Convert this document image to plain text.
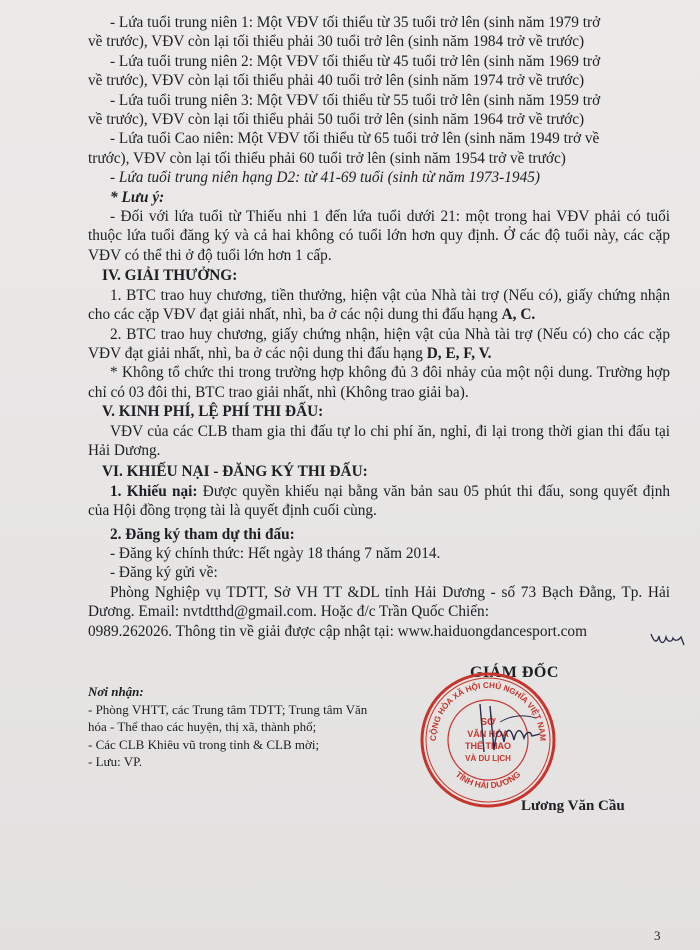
- Lứa tuổi trung niên 1: Một VĐV tối thiểu từ 35 tuổi trở lên (sinh năm 1979 trở
về trước), VĐV còn lại tối thiểu phải 30 tuổi trở lên (sinh năm 1984 trở về trước)

- Lứa tuổi trung niên 2: Một VĐV tối thiểu từ 45 tuổi trở lên (sinh năm 1969 trở
về trước), VĐV còn lại tối thiểu phải 40 tuổi trở lên (sinh năm 1974 trở về trước)

- Lứa tuổi trung niên 3: Một VĐV tối thiểu từ 55 tuổi trở lên (sinh năm 1959 trở
về trước), VĐV còn lại tối thiểu phải 50 tuổi trở lên (sinh năm 1964 trở về trước)

- Lứa tuổi Cao niên: Một VĐV tối thiểu từ 65 tuổi trở lên (sinh năm 1949 trở về
trước), VĐV còn lại tối thiểu phải 60 tuổi trở lên (sinh năm 1954 trở về trước)

- Lứa tuổi trung niên hạng D2: từ 41-69 tuổi (sinh từ năm 1973-1945)

* Lưu ý:

- Đối với lứa tuổi từ Thiếu nhi 1 đến lứa tuổi dưới 21: một trong hai VĐV phải có tuổi thuộc lứa tuổi đăng ký và cả hai không có tuổi lớn hơn quy định. Ở các độ tuổi này, các cặp VĐV có thể thi ở độ tuổi lớn hơn 1 cấp.

IV. GIẢI THƯỞNG:

1. BTC trao huy chương, tiền thưởng, hiện vật của Nhà tài trợ (Nếu có), giấy chứng nhận cho các cặp VĐV đạt giải nhất, nhì, ba ở các nội dung thi đấu hạng A, C.

2. BTC trao huy chương, giấy chứng nhận, hiện vật của Nhà tài trợ (Nếu có) cho các cặp VĐV đạt giải nhất, nhì, ba ở các nội dung thi đấu hạng D, E, F, V.

* Không tổ chức thi trong trường hợp không đủ 3 đôi nhảy của một nội dung. Trường hợp chỉ có 03 đôi thi, BTC trao giải nhất, nhì (Không trao giải ba).

V. KINH PHÍ, LỆ PHÍ THI ĐẤU:

VĐV của các CLB tham gia thi đấu tự lo chi phí ăn, nghỉ, đi lại trong thời gian thi đấu tại Hải Dương.

VI. KHIẾU NẠI - ĐĂNG KÝ THI ĐẤU:

1. Khiếu nại: Được quyền khiếu nại bằng văn bản sau 05 phút thi đấu, song quyết định của Hội đồng trọng tài là quyết định cuối cùng.

2. Đăng ký tham dự thi đấu:

- Đăng ký chính thức: Hết ngày 18 tháng 7 năm 2014.

- Đăng ký gửi về:

Phòng Nghiệp vụ TDTT, Sở VH TT &DL tỉnh Hải Dương - số 73 Bạch Đằng, Tp. Hải Dương. Email: nvtdtthd@gmail.com. Hoặc đ/c Trần Quốc Chiến:

0989.262026. Thông tin về giải được cập nhật tại: www.haiduongdancesport.com

Nơi nhận:

- Phòng VHTT, các Trung tâm TDTT; Trung tâm Văn hóa - Thể thao các huyện, thị xã, thành phố;

- Các CLB Khiêu vũ trong tỉnh & CLB mời;

- Lưu: VP.

GIÁM ĐỐC
CỘNG HÒA XÃ HỘI CHỦ NGHĨA VIỆT NAM
TỈNH HẢI DƯƠNG
SỞ
VĂN HÓA
THỂ THAO
VÀ DU LỊCH
Lương Văn Cầu
3
